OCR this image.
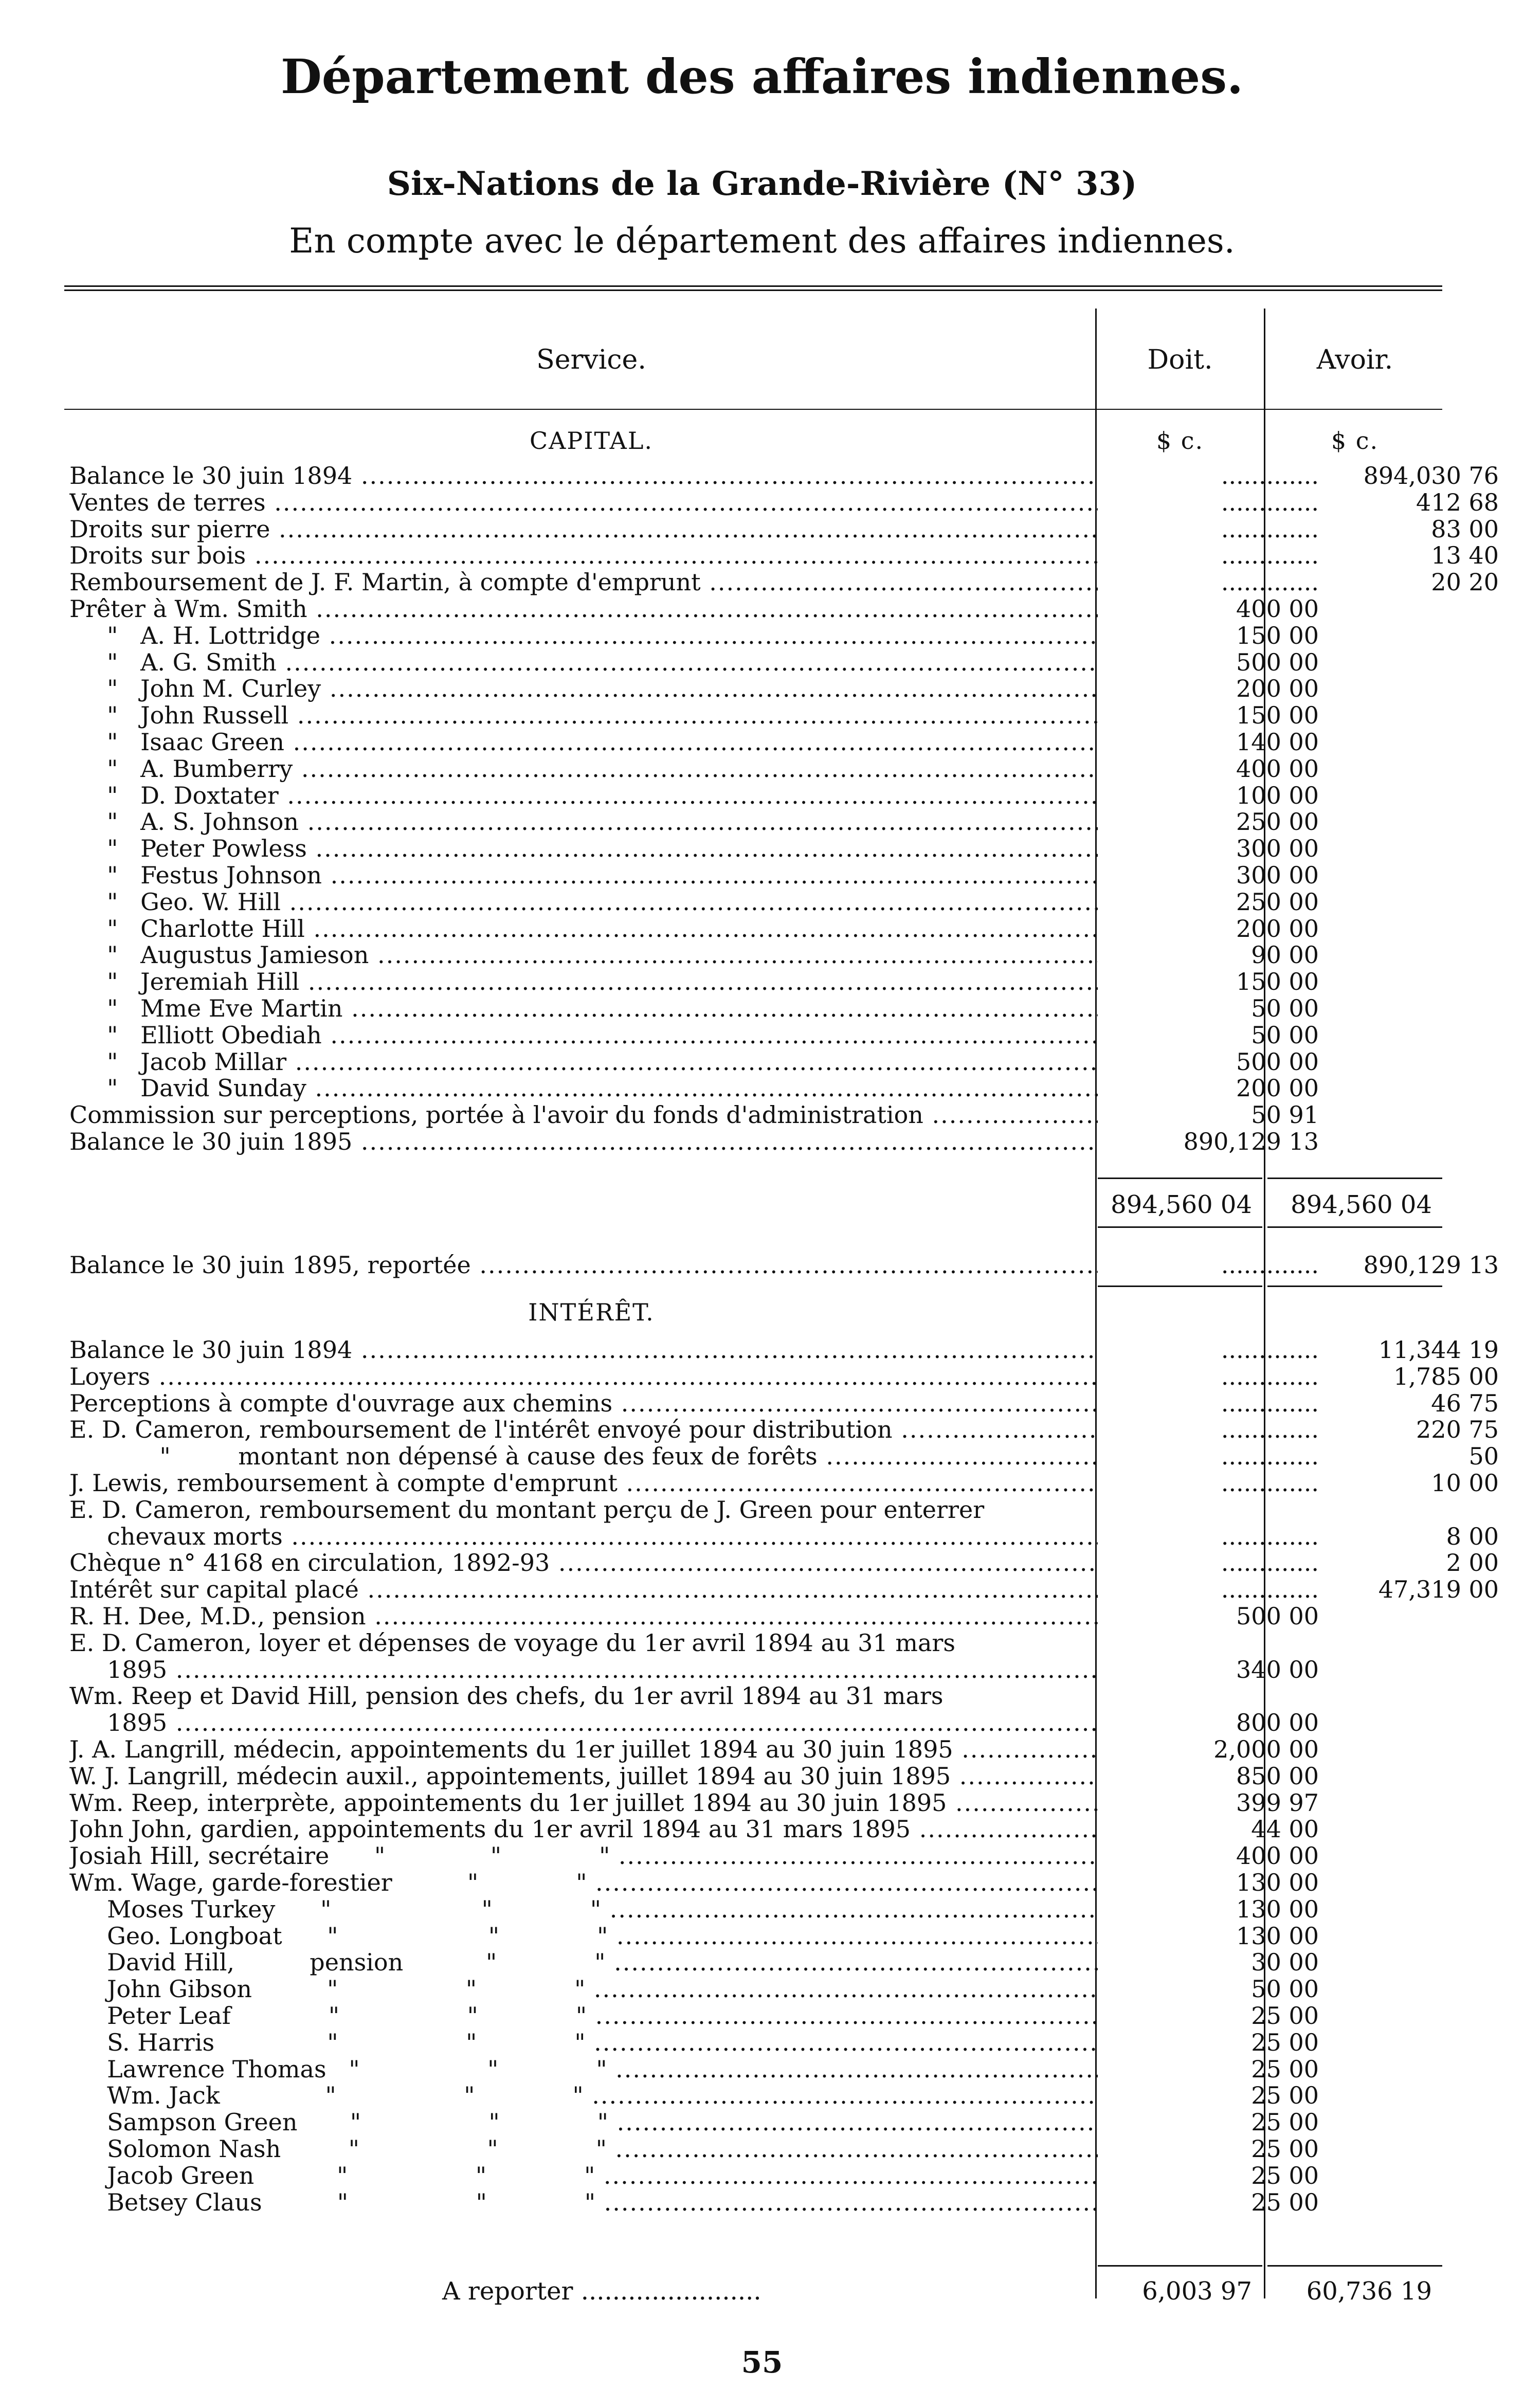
Département des affaires indiennes.
Six-Nations de la Grande-Rivière (N° 33)
En compte avec le département des affaires indiennes.
Service.	Doit.	Avoir.
CAPITAL.	$ c.	$ c.
Balance le 30 juin 1894 .....	.............	894,030 76
Ventes de terres .....	.............	412 68
Droits sur pierre .....	.............	83 00
Droits sur bois .....	.............	13 40
Remboursement de J. F. Martin, à compte d'emprunt .....	.............	20 20
Prêter à Wm. Smith .....	400 00
"   A. H. Lottridge .....	150 00
"   A. G. Smith .....	500 00
"   John M. Curley .....	200 00
"   John Russell .....	150 00
"   Isaac Green .....	140 00
"   A. Bumberry .....	400 00
"   D. Doxtater .....	100 00
"   A. S. Johnson .....	250 00
"   Peter Powless .....	300 00
"   Festus Johnson .....	300 00
"   Geo. W. Hill .....	250 00
"   Charlotte Hill .....	200 00
"   Augustus Jamieson .....	90 00
"   Jeremiah Hill .....	150 00
"   Mme Eve Martin .....	50 00
"   Elliott Obediah .....	50 00
"   Jacob Millar .....	500 00
"   David Sunday .....	200 00
Commission sur perceptions, portée à l'avoir du fonds d'administration .....	50 91
Balance le 30 juin 1895 .....	890,129 13
894,560 04	894,560 04
Balance le 30 juin 1895, reportée .....	.............	890,129 13
INTÉRÊT.
Balance le 30 juin 1894 .....	.............	11,344 19
Loyers .....	.............	1,785 00
Perceptions à compte d'ouvrage aux chemins .....	.............	46 75
E. D. Cameron, remboursement de l'intérêt envoyé pour distribution .....	.............	220 75
"         montant non dépensé à cause des feux de forêts .....	.............	50
J. Lewis, remboursement à compte d'emprunt .....	.............	10 00
E. D. Cameron, remboursement du montant perçu de J. Green pour enterrer
chevaux morts .....	.............	8 00
Chèque n° 4168 en circulation, 1892-93 .....	.............	2 00
Intérêt sur capital placé .....	.............	47,319 00
R. H. Dee, M.D., pension .....	500 00
E. D. Cameron, loyer et dépenses de voyage du 1er avril 1894 au 31 mars
1895 .....	340 00
Wm. Reep et David Hill, pension des chefs, du 1er avril 1894 au 31 mars
1895 .....	800 00
J. A. Langrill, médecin, appointements du 1er juillet 1894 au 30 juin 1895 .....	2,000 00
W. J. Langrill, médecin auxil., appointements, juillet 1894 au 30 juin 1895 .....	850 00
Wm. Reep, interprète, appointements du 1er juillet 1894 au 30 juin 1895 .....	399 97
John John, gardien, appointements du 1er avril 1894 au 31 mars 1895 .....	44 00
Josiah Hill, secrétaire      "              "             " .....	400 00
Wm. Wage, garde-forestier          "             " .....	130 00
Moses Turkey      "                    "             " .....	130 00
Geo. Longboat      "                    "             " .....	130 00
David Hill,          pension           "             " .....	30 00
John Gibson          "                 "             " .....	50 00
Peter Leaf             "                 "             " .....	25 00
S. Harris               "                 "             " .....	25 00
Lawrence Thomas   "                 "             " .....	25 00
Wm. Jack              "                 "             " .....	25 00
Sampson Green       "                 "             " .....	25 00
Solomon Nash         "                 "             " .....	25 00
Jacob Green           "                 "             " .....	25 00
Betsey Claus          "                 "             " .....	25 00
A reporter .......................	6,003 97	60,736 19
55
